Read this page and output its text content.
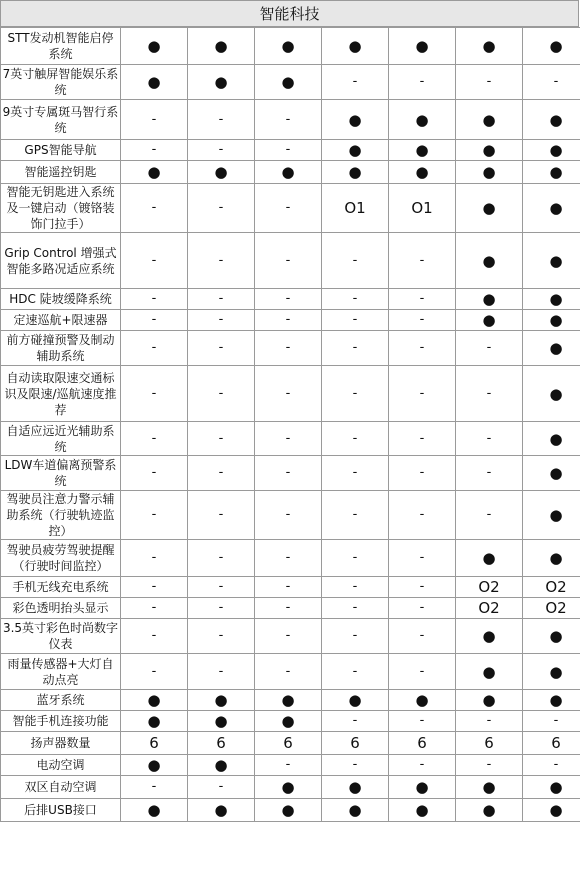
智能科技
STT发动机智能启停系统	●	●	●	●	●	●	●
7英寸触屏智能娱乐系统	●	●	●	-	-	-	-
9英寸专属斑马智行系统	-	-	-	●	●	●	●
GPS智能导航	-	-	-	●	●	●	●
智能遥控钥匙	●	●	●	●	●	●	●
智能无钥匙进入系统及一键启动（镀铬装饰门拉手）	-	-	-	O1	O1	●	●
Grip Control 增强式智能多路况适应系统	-	-	-	-	-	●	●
HDC 陡坡缓降系统	-	-	-	-	-	●	●
定速巡航+限速器	-	-	-	-	-	●	●
前方碰撞预警及制动辅助系统	-	-	-	-	-	-	●
自动读取限速交通标识及限速/巡航速度推荐	-	-	-	-	-	-	●
自适应远近光辅助系统	-	-	-	-	-	-	●
LDW车道偏离预警系统	-	-	-	-	-	-	●
驾驶员注意力警示辅助系统（行驶轨迹监控）	-	-	-	-	-	-	●
驾驶员疲劳驾驶提醒（行驶时间监控）	-	-	-	-	-	●	●
手机无线充电系统	-	-	-	-	-	O2	O2
彩色透明抬头显示	-	-	-	-	-	O2	O2
3.5英寸彩色时尚数字仪表	-	-	-	-	-	●	●
雨量传感器+大灯自动点亮	-	-	-	-	-	●	●
蓝牙系统	●	●	●	●	●	●	●
智能手机连接功能	●	●	●	-	-	-	-
扬声器数量	6	6	6	6	6	6	6
电动空调	●	●	-	-	-	-	-
双区自动空调	-	-	●	●	●	●	●
后排USB接口	●	●	●	●	●	●	●
